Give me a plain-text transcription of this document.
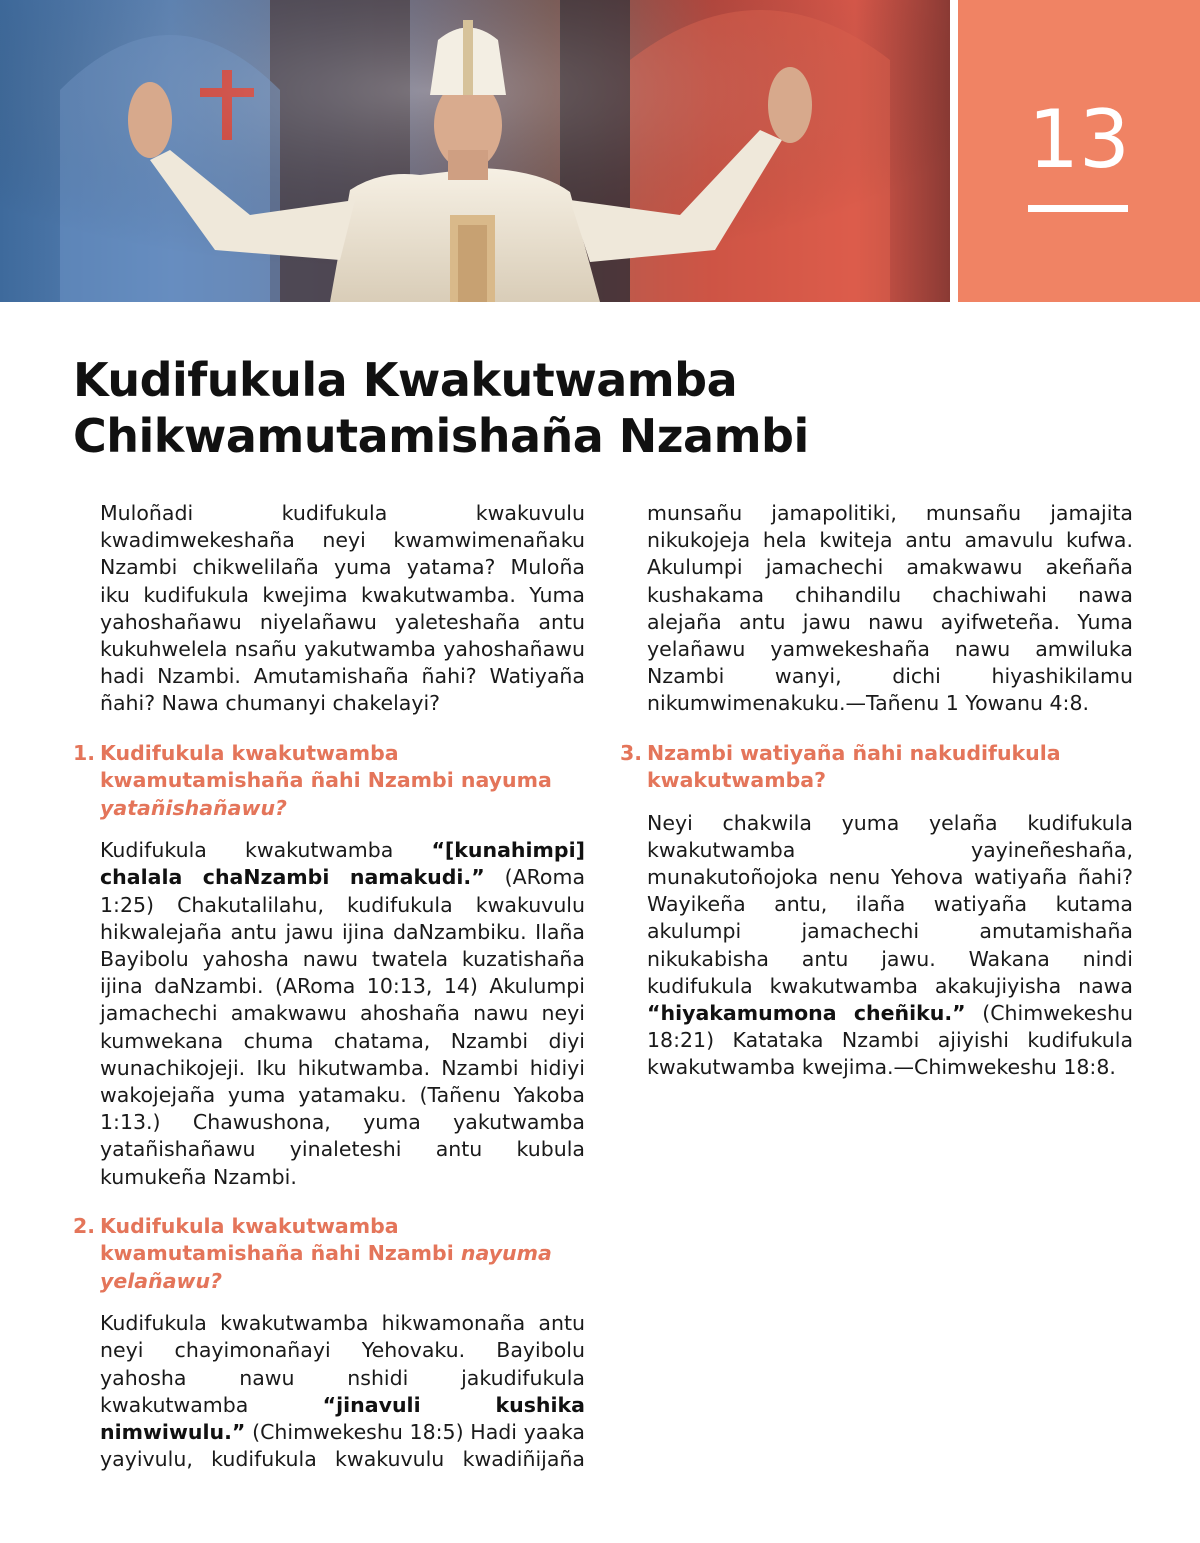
13
Kudifukula Kwakutwamba
Chikwamutamishaña Nzambi

Muloñadi kudifukula kwakuvulu kwadimwekeshaña neyi kwamwimenañaku Nzambi chikwelilaña yuma yatama? Muloña iku kudifukula kwejima kwakutwamba. Yuma yahoshañawu niyelañawu yaleteshaña antu kukuhwelela nsañu yakutwamba yahoshañawu hadi Nzambi. Amutamishaña ñahi? Watiyaña ñahi? Nawa chumanyi chakelayi?

1. Kudifukula kwakutwamba kwamutamishaña ñahi Nzambi nayuma yatañishañawu?

Kudifukula kwakutwamba “[kunahimpi] chalala chaNzambi namakudi.” (ARoma 1:25) Chakutalilahu, kudifukula kwakuvulu hikwalejaña antu jawu ijina daNzambiku. Ilaña Bayibolu yahosha nawu twatela kuzatishaña ijina daNzambi. (ARoma 10:13, 14) Akulumpi jamachechi amakwawu ahoshaña nawu neyi kumwekana chuma chatama, Nzambi diyi wunachikojeji. Iku hikutwamba. Nzambi hidiyi wakojejaña yuma yatamaku. (Tañenu Yakoba 1:13.) Chawushona, yuma yakutwamba yatañishañawu yinaleteshi antu kubula kumukeña Nzambi.

2. Kudifukula kwakutwamba kwamutamishaña ñahi Nzambi nayuma yelañawu?

Kudifukula kwakutwamba hikwamonaña antu neyi chayimonañayi Yehovaku. Bayibolu yahosha nawu nshidi jakudifukula kwakutwamba “jinavuli kushika nimwiwulu.” (Chimwekeshu 18:5) Hadi yaaka yayivulu, kudifukula kwakuvulu kwadiñijaña

munsañu jamapolitiki, munsañu jamajita nikukojeja hela kwiteja antu amavulu kufwa. Akulumpi jamachechi amakwawu akeñaña kushakama chihandilu chachiwahi nawa alejaña antu jawu nawu ayifweteña. Yuma yelañawu yamwekeshaña nawu amwiluka Nzambi wanyi, dichi hiyashikilamu nikumwimenakuku.—Tañenu 1 Yowanu 4:8.

3. Nzambi watiyaña ñahi nakudifukula kwakutwamba?

Neyi chakwila yuma yelaña kudifukula kwakutwamba yayineñeshaña, munakutoñojoka nenu Yehova watiyaña ñahi? Wayikeña antu, ilaña watiyaña kutama akulumpi jamachechi amutamishaña nikukabisha antu jawu. Wakana nindi kudifukula kwakutwamba akakujiyisha nawa “hiyakamumona cheñiku.” (Chimwekeshu 18:21) Katataka Nzambi ajiyishi kudifukula kwakutwamba kwejima.—Chimwekeshu 18:8.
